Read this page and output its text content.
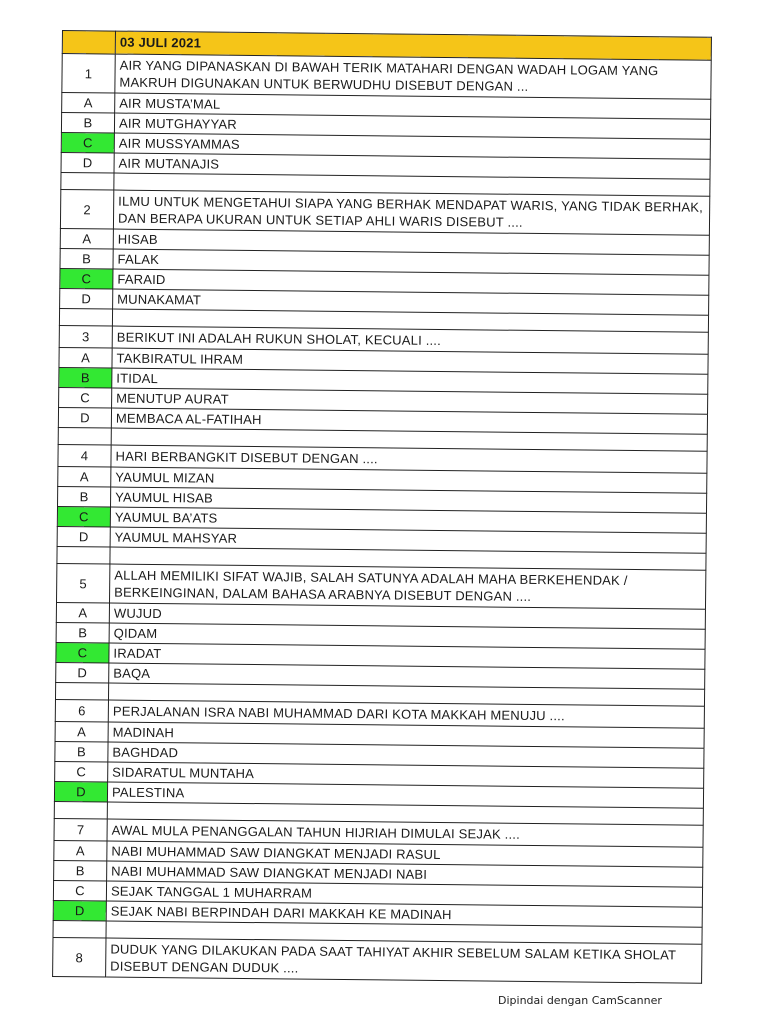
	03 JULI 2021
1	AIR YANG DIPANASKAN DI BAWAH TERIK MATAHARI DENGAN WADAH LOGAM YANG MAKRUH DIGUNAKAN UNTUK BERWUDHU DISEBUT DENGAN ...
A	AIR MUSTA’MAL
B	AIR MUTGHAYYAR
C	AIR MUSSYAMMAS
D	AIR MUTANAJIS

2	ILMU UNTUK MENGETAHUI SIAPA YANG BERHAK MENDAPAT WARIS, YANG TIDAK BERHAK, DAN BERAPA UKURAN UNTUK SETIAP AHLI WARIS DISEBUT ....
A	HISAB
B	FALAK
C	FARAID
D	MUNAKAMAT

3	BERIKUT INI ADALAH RUKUN SHOLAT, KECUALI ....
A	TAKBIRATUL IHRAM
B	ITIDAL
C	MENUTUP AURAT
D	MEMBACA AL-FATIHAH

4	HARI BERBANGKIT DISEBUT DENGAN ....
A	YAUMUL MIZAN
B	YAUMUL HISAB
C	YAUMUL BA’ATS
D	YAUMUL MAHSYAR

5	ALLAH MEMILIKI SIFAT WAJIB, SALAH SATUNYA ADALAH MAHA BERKEHENDAK / BERKEINGINAN, DALAM BAHASA ARABNYA DISEBUT DENGAN ....
A	WUJUD
B	QIDAM
C	IRADAT
D	BAQA

6	PERJALANAN ISRA NABI MUHAMMAD DARI KOTA MAKKAH MENUJU ....
A	MADINAH
B	BAGHDAD
C	SIDARATUL MUNTAHA
D	PALESTINA

7	AWAL MULA PENANGGALAN TAHUN HIJRIAH DIMULAI SEJAK ....
A	NABI MUHAMMAD SAW DIANGKAT MENJADI RASUL
B	NABI MUHAMMAD SAW DIANGKAT MENJADI NABI
C	SEJAK TANGGAL 1 MUHARRAM
D	SEJAK NABI BERPINDAH DARI MAKKAH KE MADINAH

8	DUDUK YANG DILAKUKAN PADA SAAT TAHIYAT AKHIR SEBELUM SALAM KETIKA SHOLAT DISEBUT DENGAN DUDUK ....
Dipindai dengan CamScanner
